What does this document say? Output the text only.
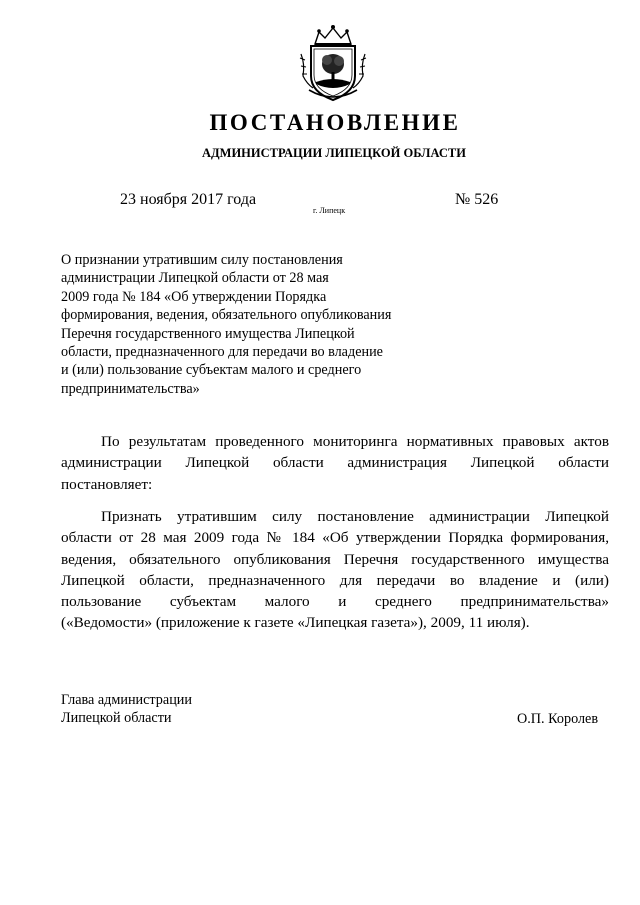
ПОСТАНОВЛЕНИЕ
АДМИНИСТРАЦИИ ЛИПЕЦКОЙ ОБЛАСТИ
23 ноября 2017 года
г. Липецк
№ 526
О признании утратившим силу постановления
администрации Липецкой области от 28 мая
2009 года № 184 «Об утверждении Порядка
формирования, ведения, обязательного опубликования
Перечня государственного имущества Липецкой
области, предназначенного для передачи во владение
и (или) пользование субъектам малого и среднего
предпринимательства»
По результатам проведенного мониторинга нормативных правовых актов
администрации Липецкой области администрация Липецкой области
постановляет:
Признать утратившим силу постановление администрации Липецкой
области от 28 мая 2009 года № 184 «Об утверждении Порядка формирования,
ведения, обязательного опубликования Перечня государственного имущества
Липецкой области, предназначенного для передачи во владение и (или)
пользование субъектам малого и среднего предпринимательства»
(«Ведомости» (приложение к газете «Липецкая газета»), 2009, 11 июля).
Глава администрации
Липецкой области	О.П. Королев
